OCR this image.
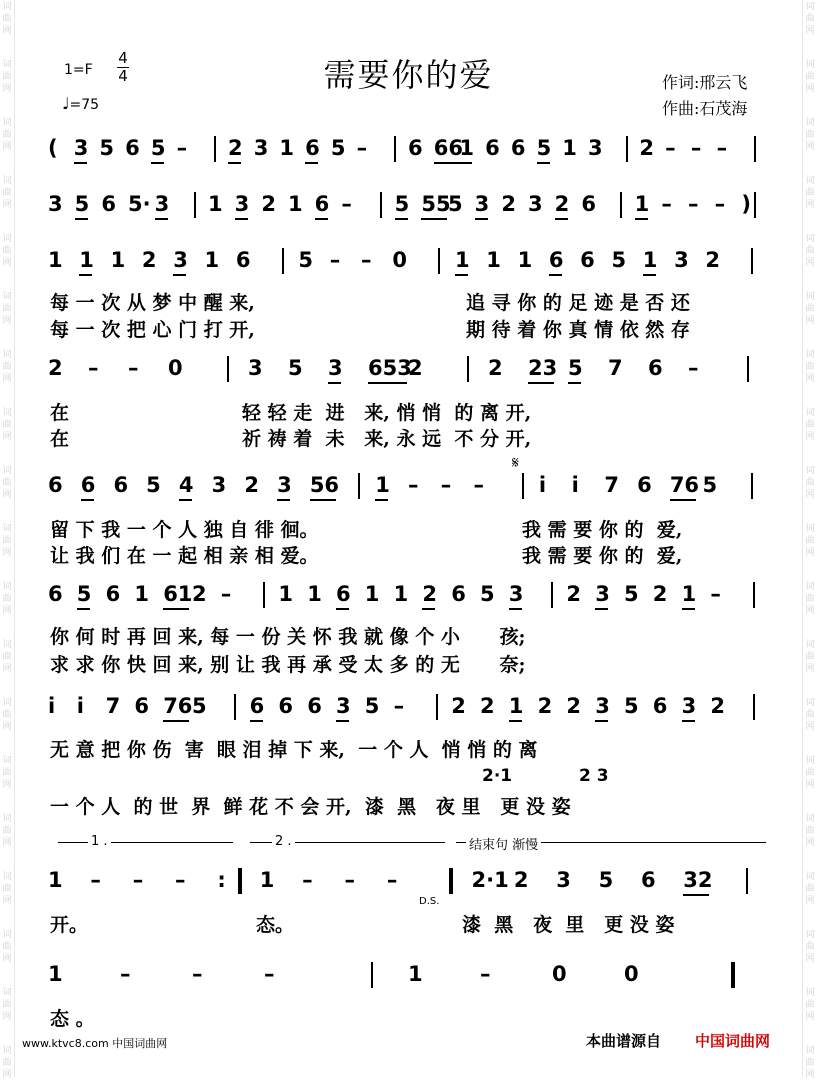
词
曲
网
词
曲
网
词
曲
网
词
曲
网
词
曲
网
词
曲
网
词
曲
网
词
曲
网
词
曲
网
词
曲
网
词
曲
网
词
曲
网
词
曲
网
词
曲
网
词
曲
网
词
曲
网
词
曲
网
词
曲
网
词
曲
网
词
曲
网
词
曲
网
词
曲
网
词
曲
网
词
曲
网
词
曲
网
词
曲
网
词
曲
网
词
曲
网
词
曲
网
词
曲
网
词
曲
网
词
曲
网
词
曲
网
词
曲
网
词
曲
网
词
曲
网
词
曲
网
词
曲
网
1=F
4
4
♩=75
需要你的爱	作词:邢云飞
作曲:石茂海
( 3 5 6 5 – 2 3 1 6 5 – 6 66
1 6 6 5 1 3 2 – – –
3 5 6 5· 3 1 3 2 1 6 – 5 55
5 3 2 3 2 6 1 – – – )
1 1 1 2 3 1 6 5 – – 0 1 1 1 6 6 5 1 3 2
2 – – 0	3 5 3 653
2	2 23 5 7 6 –
6 6 6 5 4 3 2 3 56 1 – – –	i i 7 6 76 5
6 5 6 1 61 2 – 1 1 6 1 1 2 6 5 3 2 3 5 2 1 –
i i 7 6 76 5 6 6 6 3 5 – 2 2 1 2 2 3 5 6 3 2
1 – – – : 1 – – –	2·1 2 3 5 6 32
1	–	–	–	1	–	0	0
每 一 次 从 梦 中 醒 来,	追 寻 你 的 足 迹 是 否 还
每 一 次 把 心 门 打 开,	期 待 着 你 真 情 依 然 存
在	轻 轻 走  进   来, 悄 悄  的 离 开,
在	祈 祷 着  未   来, 永 远  不 分 开,
留 下 我 一 个 人 独 自 徘 徊。	我 需 要 你 的  爱,
让 我 们 在 一 起 相 亲 相 爱。	我 需 要 你 的  爱,
你 何 时 再 回 来, 每 一 份 关 怀 我 就 像 个 小      孩;
求 求 你 快 回 来, 别 让 我 再 承 受 太 多 的 无      奈;
无 意 把 你 伤  害  眼 泪 掉 下 来,  一 个 人  悄 悄 的 离
2·1	2 3
一 个 人  的 世  界  鲜 花 不 会 开,  漆  黑   夜 里   更 没 姿
1 .	2 .	结束句 渐慢
开。	态。	漆  黑   夜  里   更 没 姿
态 。
𝄋
D.S.
www.ktvc8.com 中国词曲网	本曲谱源自 中国词曲网
